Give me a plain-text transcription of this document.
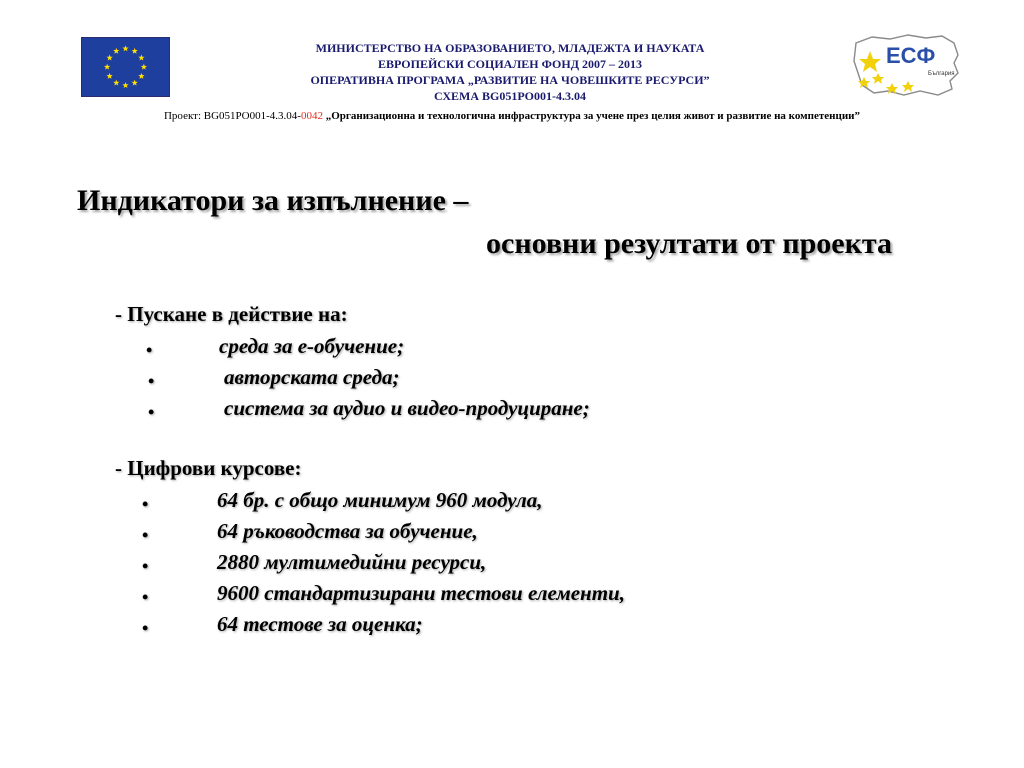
МИНИСТЕРСТВО НА ОБРАЗОВАНИЕТО, МЛАДЕЖТА И НАУКАТА
ЕВРОПЕЙСКИ СОЦИАЛЕН ФОНД 2007 – 2013
ОПЕРАТИВНА ПРОГРАМА „РАЗВИТИЕ НА ЧОВЕШКИТЕ РЕСУРСИ”
СХЕМА BG051PO001-4.3.04
ЕСФ
България
Проект: BG051PO001-4.3.04-0042 „Организационна и технологична инфраструктура за учене през целия живот и развитие на компетенции”
Индикатори за изпълнение –
основни резултати от проекта
- Пускане в действие на:
•	среда за е-обучение;
•	авторската среда;
•	система за аудио и видео-продуциране;
- Цифрови курсове:
•	64 бр. с общо минимум 960 модула,
•	64 ръководства за обучение,
•	2880 мултимедийни ресурси,
•	9600 стандартизирани тестови елементи,
•	64 тестове за оценка;
